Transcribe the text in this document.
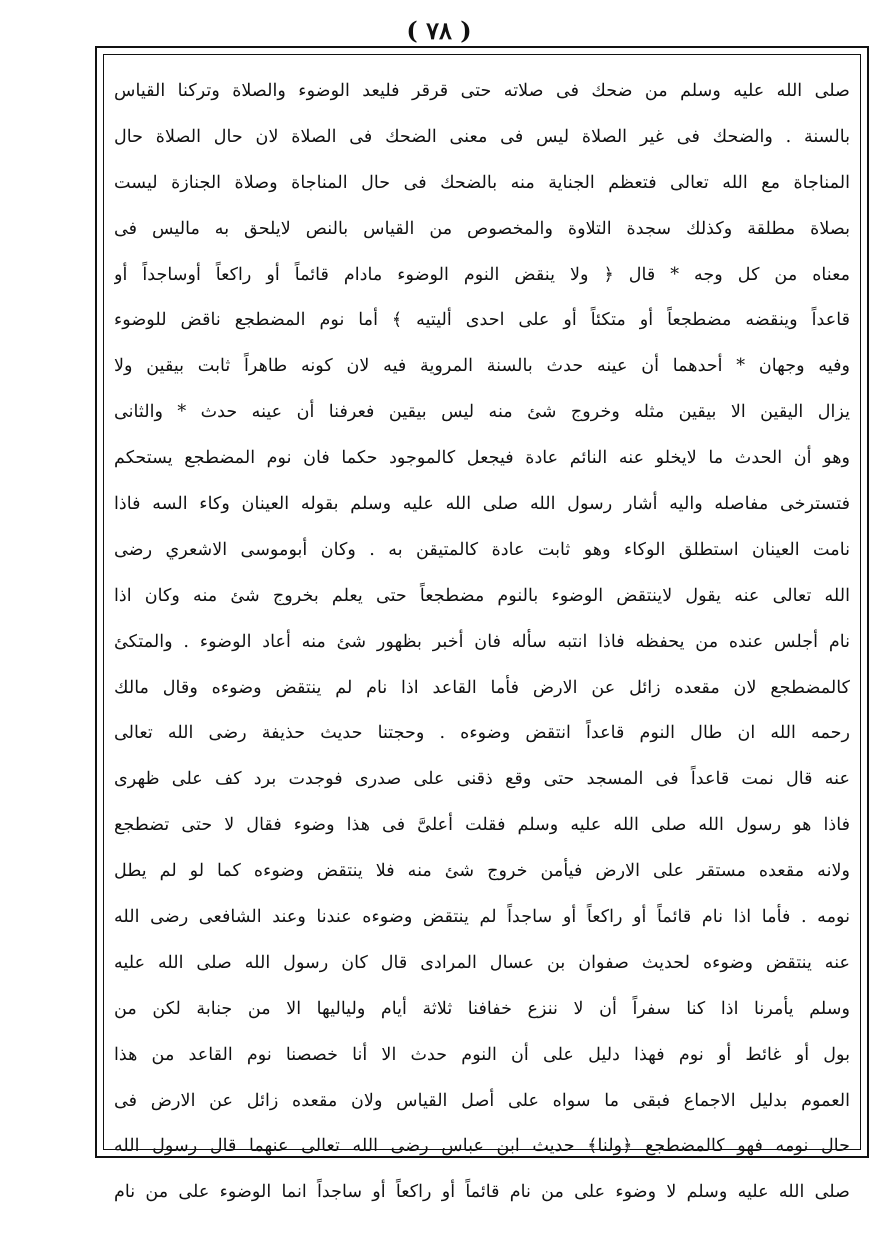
( ٧٨ )
صلى الله عليه وسلم من ضحك فى صلاته حتى قرقر فليعد الوضوء والصلاة وتركنا القياس
بالسنة . والضحك فى غير الصلاة ليس فى معنى الضحك فى الصلاة لان حال الصلاة حال
المناجاة مع الله تعالى فتعظم الجناية منه بالضحك فى حال المناجاة وصلاة الجنازة ليست
بصلاة مطلقة وكذلك سجدة التلاوة والمخصوص من القياس بالنص لايلحق به ماليس فى
معناه من كل وجه * قال ﴿ ولا ينقض النوم الوضوء مادام قائماً أو راكعاً أوساجداً أو
قاعداً وينقضه مضطجعاً أو متكئاً أو على احدى أليتيه ﴾ أما نوم المضطجع ناقض للوضوء
وفيه وجهان * أحدهما أن عينه حدث بالسنة المروية فيه لان كونه طاهراً ثابت بيقين ولا
يزال اليقين الا بيقين مثله وخروج شئ منه ليس بيقين فعرفنا أن عينه حدث * والثانى
وهو أن الحدث ما لايخلو عنه النائم عادة فيجعل كالموجود حكما فان نوم المضطجع يستحكم
فتسترخى مفاصله واليه أشار رسول الله صلى الله عليه وسلم بقوله العينان وكاء السه فاذا
نامت العينان استطلق الوكاء وهو ثابت عادة كالمتيقن به . وكان أبوموسى الاشعري رضى
الله تعالى عنه يقول لاينتقض الوضوء بالنوم مضطجعاً حتى يعلم بخروج شئ منه وكان اذا
نام أجلس عنده من يحفظه فاذا انتبه سأله فان أخبر بظهور شئ منه أعاد الوضوء . والمتكئ
كالمضطجع لان مقعده زائل عن الارض فأما القاعد اذا نام لم ينتقض وضوءه وقال مالك
رحمه الله ان طال النوم قاعداً انتقض وضوءه . وحجتنا حديث حذيفة رضى الله تعالى
عنه قال نمت قاعداً فى المسجد حتى وقع ذقنى على صدرى فوجدت برد كف على ظهرى
فاذا هو رسول الله صلى الله عليه وسلم فقلت أعلىَّ فى هذا وضوء فقال لا حتى تضطجع
ولانه مقعده مستقر على الارض فيأمن خروج شئ منه فلا ينتقض وضوءه كما لو لم يطل
نومه . فأما اذا نام قائماً أو راكعاً أو ساجداً لم ينتقض وضوءه عندنا وعند الشافعى رضى الله
عنه ينتقض وضوءه لحديث صفوان بن عسال المرادى قال كان رسول الله صلى الله عليه
وسلم يأمرنا اذا كنا سفراً أن لا ننزع خفافنا ثلاثة أيام ولياليها الا من جنابة لكن من
بول أو غائط أو نوم فهذا دليل على أن النوم حدث الا أنا خصصنا نوم القاعد من هذا
العموم بدليل الاجماع فبقى ما سواه على أصل القياس ولان مقعده زائل عن الارض فى
حال نومه فهو كالمضطجع ﴿ولنا﴾ حديث ابن عباس رضى الله تعالى عنهما قال رسول الله
صلى الله عليه وسلم لا وضوء على من نام قائماً أو راكعاً أو ساجداً انما الوضوء على من نام
